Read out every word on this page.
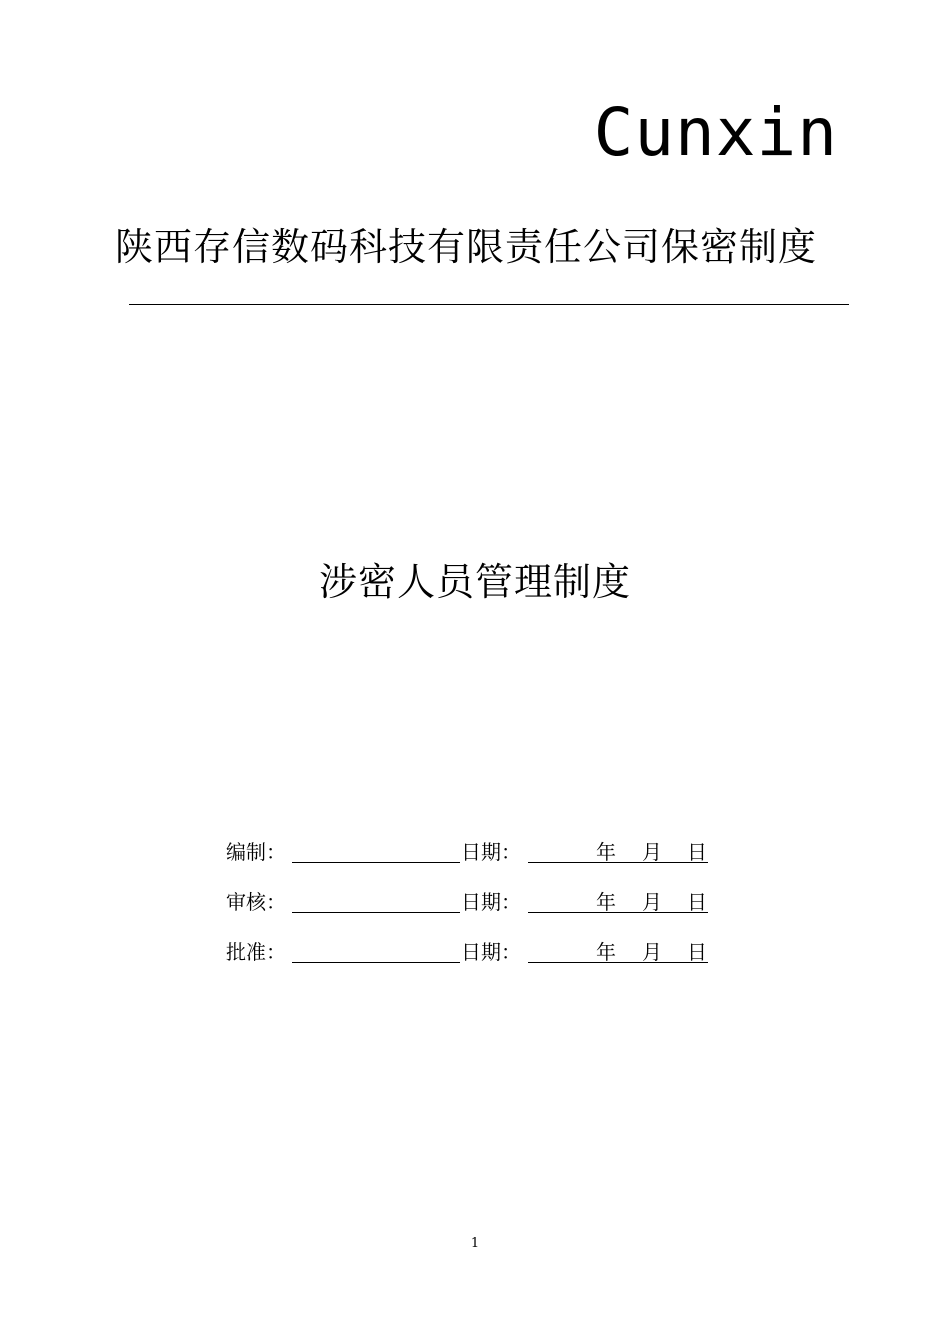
Cunxin
陕西存信数码科技有限责任公司保密制度
涉密人员管理制度
编制：	日期：	年 月 日
审核：	日期：	年 月 日
批准：	日期：	年 月 日
1
